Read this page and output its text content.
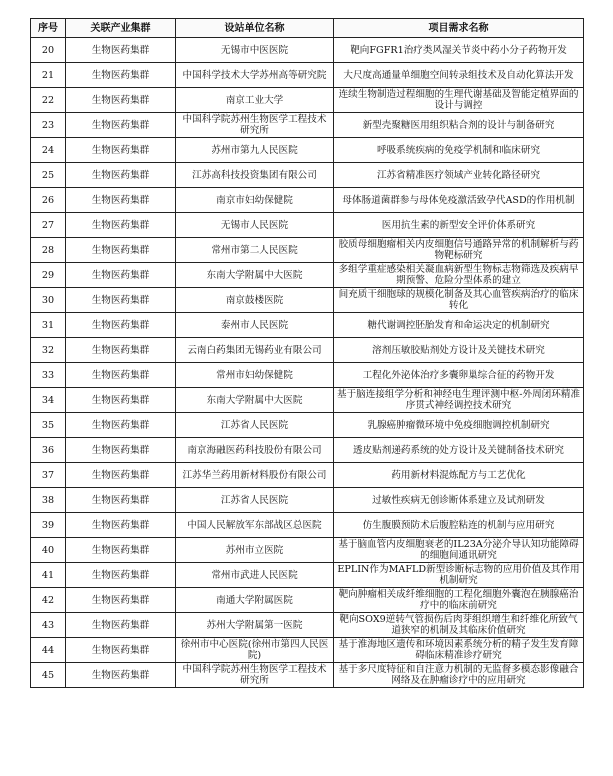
序号	关联产业集群	设站单位名称	项目需求名称
20	生物医药集群	无锡市中医医院	靶向FGFR1治疗类风湿关节炎中药小分子药物开发
21	生物医药集群	中国科学技术大学苏州高等研究院	大尺度高通量单细胞空间转录组技术及自动化算法开发
22	生物医药集群	南京工业大学	连续生物制造过程细胞的生理代谢基础及智能定植界面的设计与调控
23	生物医药集群	中国科学院苏州生物医学工程技术研究所	新型壳聚糖医用组织粘合剂的设计与制备研究
24	生物医药集群	苏州市第九人民医院	呼吸系统疾病的免疫学机制和临床研究
25	生物医药集群	江苏高科技投资集团有限公司	江苏省精准医疗领域产业转化路径研究
26	生物医药集群	南京市妇幼保健院	母体肠道菌群参与母体免疫激活致孕代ASD的作用机制
27	生物医药集群	无锡市人民医院	医用抗生素的新型安全评价体系研究
28	生物医药集群	常州市第二人民医院	胶质母细胞瘤相关内皮细胞信号通路异常的机制解析与药物靶标研究
29	生物医药集群	东南大学附属中大医院	多组学重症感染相关凝血病新型生物标志物筛选及疾病早期预警、危险分型体系的建立
30	生物医药集群	南京鼓楼医院	间充质干细胞球的规模化制备及其心血管疾病治疗的临床转化
31	生物医药集群	泰州市人民医院	糖代谢调控胚胎发育和命运决定的机制研究
32	生物医药集群	云南白药集团无锡药业有限公司	溶剂压敏胶贴剂处方设计及关键技术研究
33	生物医药集群	常州市妇幼保健院	工程化外泌体治疗多囊卵巢综合征的药物开发
34	生物医药集群	东南大学附属中大医院	基于脑连接组学分析和神经电生理评测中枢-外周闭环精准序贯式神经调控技术研究
35	生物医药集群	江苏省人民医院	乳腺癌肿瘤微环境中免疫细胞调控机制研究
36	生物医药集群	南京海融医药科技股份有限公司	透皮贴剂递药系统的处方设计及关键制备技术研究
37	生物医药集群	江苏华兰药用新材料股份有限公司	药用新材料混炼配方与工艺优化
38	生物医药集群	江苏省人民医院	过敏性疾病无创诊断体系建立及试剂研发
39	生物医药集群	中国人民解放军东部战区总医院	仿生腹膜预防术后腹腔粘连的机制与应用研究
40	生物医药集群	苏州市立医院	基于脑血管内皮细胞衰老的IL23A分泌介导认知功能障碍的细胞间通讯研究
41	生物医药集群	常州市武进人民医院	EPLIN作为MAFLD新型诊断标志物的应用价值及其作用机制研究
42	生物医药集群	南通大学附属医院	靶向肿瘤相关成纤维细胞的工程化细胞外囊泡在胰腺癌治疗中的临床前研究
43	生物医药集群	苏州大学附属第一医院	靶向SOX9逆转气管损伤后肉芽组织增生和纤维化所致气道狭窄的机制及其临床价值研究
44	生物医药集群	徐州市中心医院(徐州市第四人民医院)	基于淮海地区遗传和环境因素系统分析的精子发生发育障碍临床精准诊疗研究
45	生物医药集群	中国科学院苏州生物医学工程技术研究所	基于多尺度特征和自注意力机制的无监督多模态影像融合网络及在肿瘤诊疗中的应用研究
